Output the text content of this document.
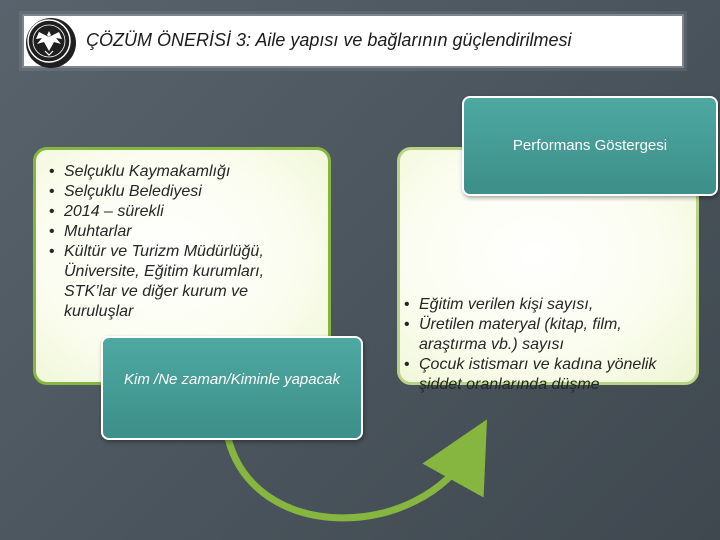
ÇÖZÜM ÖNERİSİ 3: Aile yapısı ve bağlarının güçlendirilmesi
Performans Göstergesi
• Selçuklu Kaymakamlığı
• Selçuklu Belediyesi
• 2014 – sürekli
• Muhtarlar
• Kültür ve Turizm Müdürlüğü, Üniversite, Eğitim kurumları, STK’lar ve diğer kurum ve kuruluşlar
Kim /Ne zaman/Kiminle yapacak
• Eğitim verilen kişi sayısı,
• Üretilen materyal (kitap, film, araştırma vb.) sayısı
• Çocuk istismarı ve kadına yönelik şiddet oranlarında düşme
